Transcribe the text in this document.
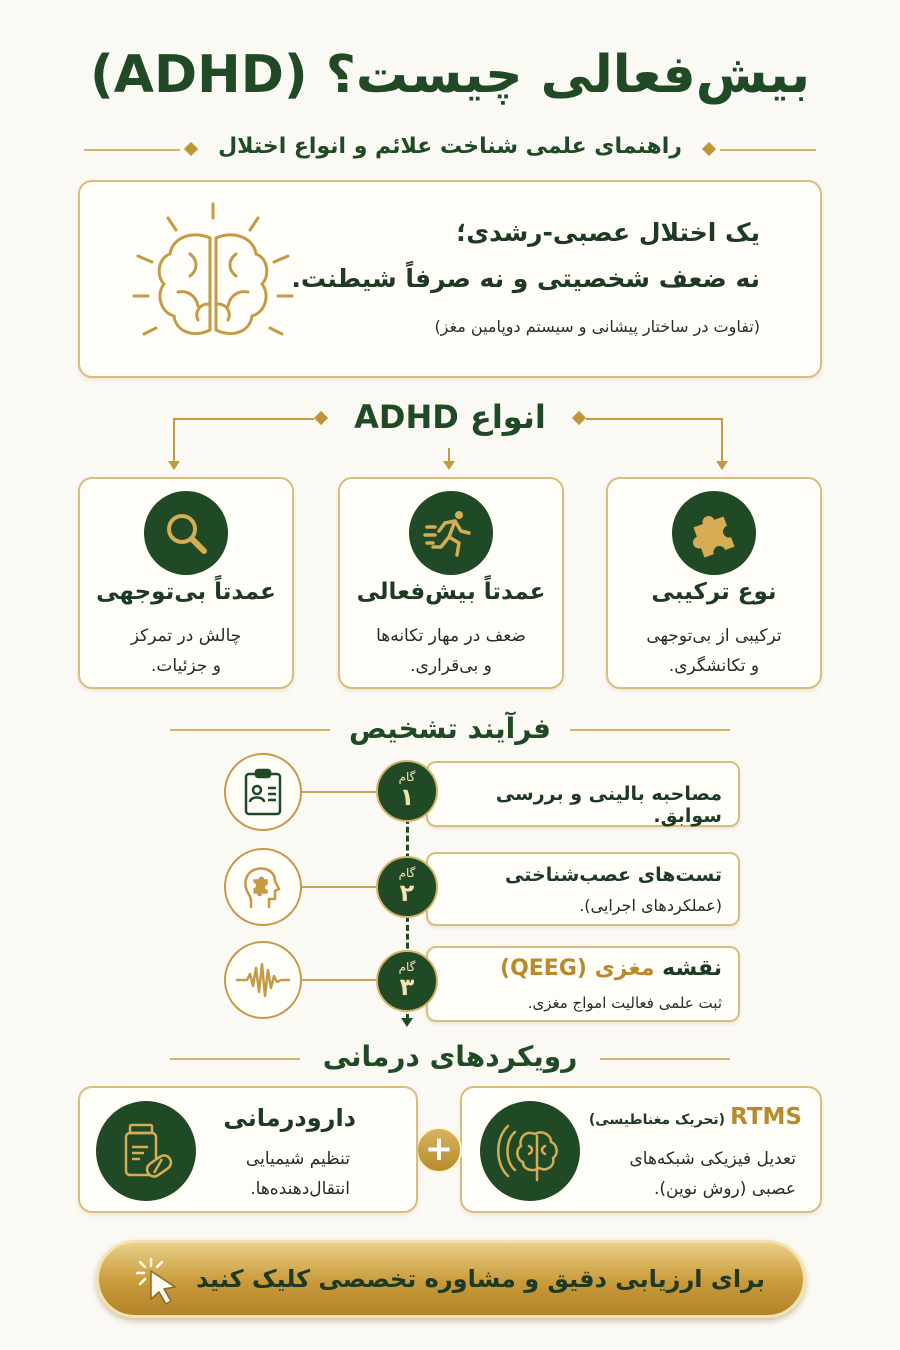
بیش‌فعالی چیست؟ (ADHD)
راهنمای علمی شناخت علائم و انواع اختلال
یک اختلال عصبی-رشدی؛
نه ضعف شخصیتی و نه صرفاً شیطنت.
(تفاوت در ساختار پیشانی و سیستم دوپامین مغز)
انواع ADHD
نوع ترکیبی
ترکیبی از بی‌توجهی
و تکانشگری.
عمدتاً بیش‌فعالی
ضعف در مهار تکانه‌ها
و بی‌قراری.
عمدتاً بی‌توجهی
چالش در تمرکز
و جزئیات.
فرآیند تشخیص
مصاحبه بالینی و بررسی سوابق.
گام
۱
تست‌های عصب‌شناختی
(عملکردهای اجرایی).
گام
۲
نقشه مغزی (QEEG)
ثبت علمی فعالیت امواج مغزی.
گام
۳
رویکردهای درمانی
RTMS (تحریک مغناطیسی)
تعدیل فیزیکی شبکه‌های
عصبی (روش نوین).
+
دارودرمانی
تنظیم شیمیایی
انتقال‌دهنده‌ها.
برای ارزیابی دقیق و مشاوره تخصصی کلیک کنید
